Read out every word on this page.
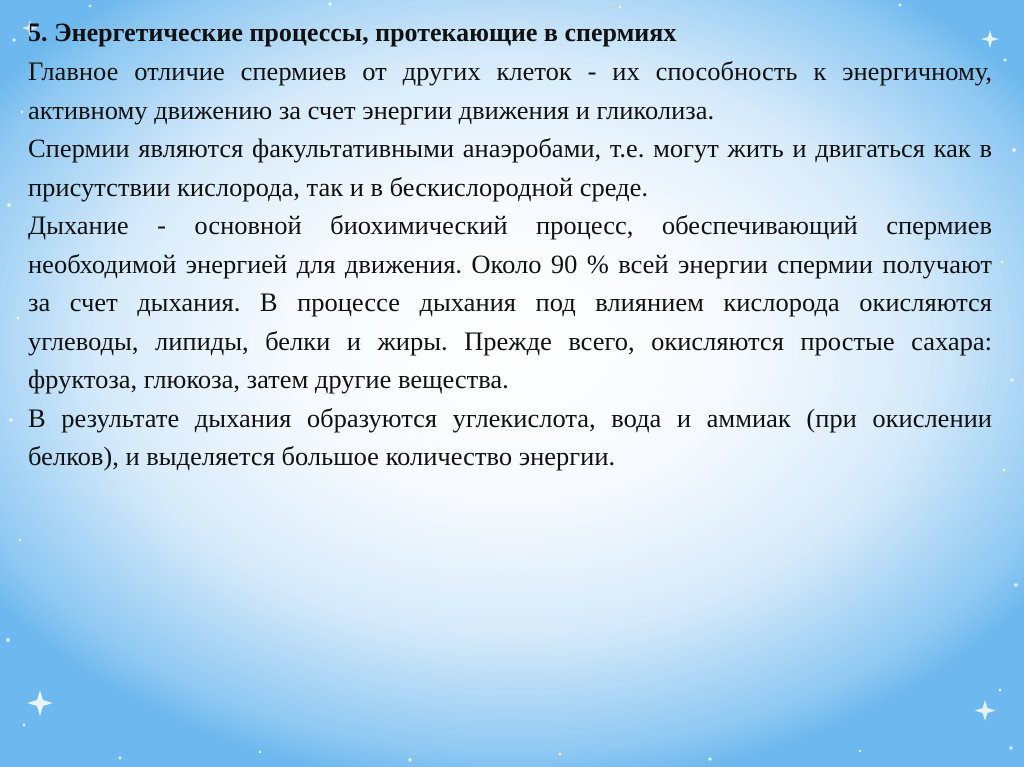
5. Энергетические процессы, протекающие в спермиях

Главное отличие спермиев от других клеток - их способность к энергичному, активному движению за счет энергии движения и гликолиза.

Спермии являются факультативными анаэробами, т.е. могут жить и двигаться как в присутствии кислорода, так и в бескислородной среде.

Дыхание - основной биохимический процесс, обеспечивающий спермиев необходимой энергией для движения. Около 90 % всей энергии спермии получают за счет дыхания. В процессе дыхания под влиянием кислорода окисляются углеводы, липиды, белки и жиры. Прежде всего, окисляются простые сахара: фруктоза, глюкоза, затем другие вещества.

В результате дыхания образуются углекислота, вода и аммиак (при окислении белков), и выделяется большое количество энергии.
